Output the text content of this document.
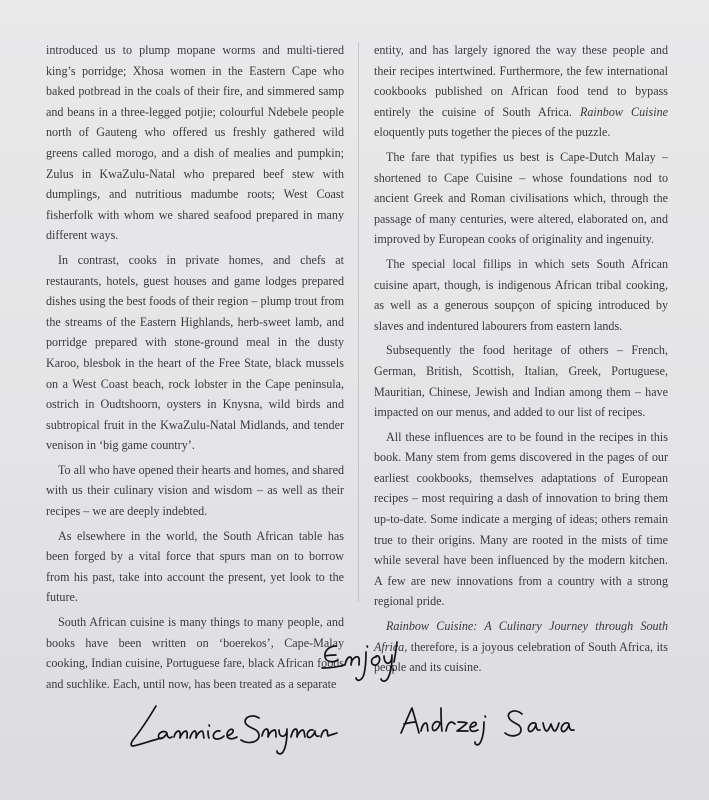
introduced us to plump mopane worms and multi-tiered king’s porridge; Xhosa women in the Eastern Cape who baked potbread in the coals of their fire, and simmered samp and beans in a three-legged potjie; colourful Ndebele people north of Gauteng who offered us freshly gathered wild greens called morogo, and a dish of mealies and pumpkin; Zulus in KwaZulu-Natal who prepared beef stew with dumplings, and nutritious madumbe roots; West Coast fisherfolk with whom we shared seafood prepared in many different ways.

In contrast, cooks in private homes, and chefs at restaurants, hotels, guest houses and game lodges prepared dishes using the best foods of their region – plump trout from the streams of the Eastern Highlands, herb-sweet lamb, and porridge prepared with stone-ground meal in the dusty Karoo, blesbok in the heart of the Free State, black mussels on a West Coast beach, rock lobster in the Cape peninsula, ostrich in Oudtshoorn, oysters in Knysna, wild birds and subtropical fruit in the KwaZulu-Natal Midlands, and tender venison in ‘big game country’.

To all who have opened their hearts and homes, and shared with us their culinary vision and wisdom – as well as their recipes – we are deeply indebted.

As elsewhere in the world, the South African table has been forged by a vital force that spurs man on to borrow from his past, take into account the present, yet look to the future.

South African cuisine is many things to many people, and books have been written on ‘boerekos’, Cape-Malay cooking, Indian cuisine, Portuguese fare, black African foods and suchlike. Each, until now, has been treated as a separate

entity, and has largely ignored the way these people and their recipes intertwined. Furthermore, the few international cookbooks published on African food tend to bypass entirely the cuisine of South Africa. Rainbow Cuisine eloquently puts together the pieces of the puzzle.

The fare that typifies us best is Cape-Dutch Malay – shortened to Cape Cuisine – whose foundations nod to ancient Greek and Roman civilisations which, through the passage of many centuries, were altered, elaborated on, and improved by European cooks of originality and ingenuity.

The special local fillips in which sets South African cuisine apart, though, is indigenous African tribal cooking, as well as a generous soupçon of spicing introduced by slaves and indentured labourers from eastern lands.

Subsequently the food heritage of others – French, German, British, Scottish, Italian, Greek, Portuguese, Mauritian, Chinese, Jewish and Indian among them – have impacted on our menus, and added to our list of recipes.

All these influences are to be found in the recipes in this book. Many stem from gems discovered in the pages of our earliest cookbooks, themselves adaptations of European recipes – most requiring a dash of innovation to bring them up-to-date. Some indicate a merging of ideas; others remain true to their origins. Many are rooted in the mists of time while several have been influenced by the modern kitchen. A few are new innovations from a country with a strong regional pride.

Rainbow Cuisine: A Culinary Journey through South Africa, therefore, is a joyous celebration of South Africa, its people and its cuisine.
